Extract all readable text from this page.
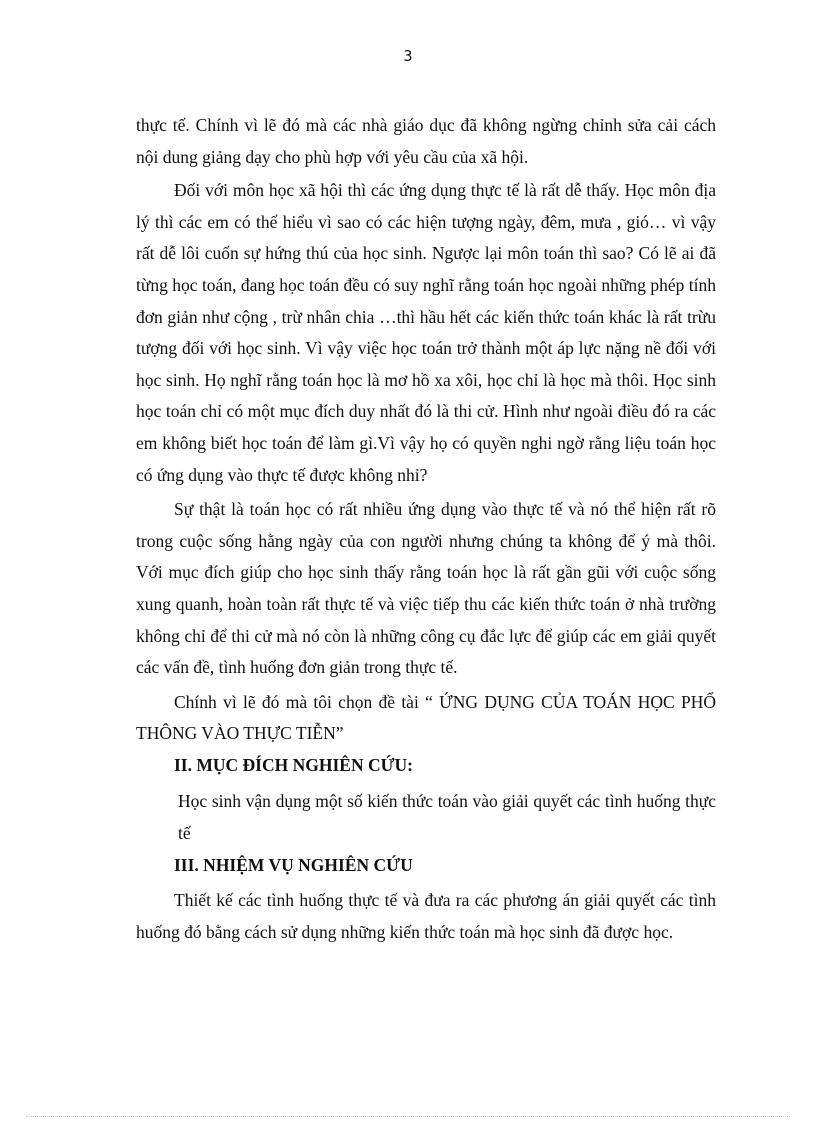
3

thực tế. Chính vì lẽ đó mà các nhà giáo dục đã không ngừng chỉnh sửa cải cách nội dung giảng dạy cho phù hợp với yêu cầu của xã hội.

Đối với môn học xã hội thì các ứng dụng thực tế là rất dễ thấy. Học môn địa lý thì các em có thể hiểu vì sao có các hiện tượng ngày, đêm, mưa , gió… vì vậy rất dễ lôi cuốn sự hứng thú của học sinh. Ngược lại môn toán thì sao? Có lẽ ai đã từng học toán, đang học toán đều có suy nghĩ rằng toán học ngoài những phép tính đơn giản như cộng , trừ nhân chia …thì hầu hết các kiến thức toán khác là rất trừu tượng đối với học sinh. Vì vậy việc học toán trở thành một áp lực nặng nề đối với học sinh. Họ nghĩ rằng toán học là mơ hồ xa xôi, học chỉ là học mà thôi. Học sinh học toán chỉ có một mục đích duy nhất đó là thi cử. Hình như ngoài điều đó ra các em không biết học toán để làm gì.Vì vậy họ có quyền nghi ngờ rằng liệu toán học có ứng dụng vào thực tế được không nhỉ?

Sự thật là toán học có rất nhiều ứng dụng vào thực tế và nó thể hiện rất rõ trong cuộc sống hằng ngày của con người nhưng chúng ta không để ý mà thôi. Với mục đích giúp cho học sinh thấy rằng toán học là rất gần gũi với cuộc sống xung quanh, hoàn toàn rất thực tế và việc tiếp thu các kiến thức toán ở nhà trường không chỉ để thi cử mà nó còn là những công cụ đắc lực để giúp các em giải quyết các vấn đề, tình huống đơn giản trong thực tế.

Chính vì lẽ đó mà tôi chọn đề tài “ ỨNG DỤNG CỦA TOÁN HỌC PHỔ THÔNG VÀO THỰC TIỄN”

II. MỤC ĐÍCH NGHIÊN CỨU:

Học sinh vận dụng một số kiến thức toán vào giải quyết các tình huống thực tế

III. NHIỆM VỤ NGHIÊN CỨU

Thiết kế các tình huống thực tế và đưa ra các phương án giải quyết các tình huống đó bằng cách sử dụng những kiến thức toán mà học sinh đã được học.
